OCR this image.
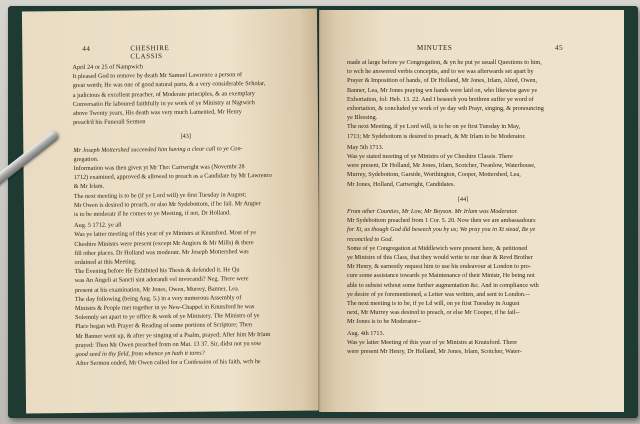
44	CHESHIRE CLASSIS

April 24 or 25 of Nampwich

It pleased God to remove by death Mr Samuel Lawrence a person of

great worth; He was one of good natural parts, & a very considerable Scholar,

a judicious & excellent preacher, of Moderate principles, & an exemplary

Conversatio He laboured faithfully in ye work of ye Ministry at Nigtwich

above Twenty years, His death was very much Lamented, Mr Henry

preach'd his Funerall Sermon

[43]

Mr Joseph Mottershed succeeded him having a clear call to ye Con-

gregation.

Information was then given yt Mr Tho: Cartwright was (Novembr 28

1712) examined, approved & allowed to preach as a Candidate by Mr Lawrence

& Mr Irlam.

The next meeting is to be (if ye Lord will) ye first Tuesday in August;

Mr Owen is desired to preach, or also Mr Sydebottom, if he fail. Mr Angier

is to be moderatr if he comes to ye Meeting, if not, Dr Holland.

Aug. 5 1712. ye all

Was ye latter meeting of this year of ye Ministrs at Knutsford. Most of ye

Cheshire Ministrs were present (except Mr Angiers & Mr Mills) & there

fill other places. Dr Holland was moderatr. Mr Joseph Mottershed was

ordained at this Meeting.

The Evening before He Exhibited his Thesis & defended it. He Qu

was An Angeli at Sancti sint adorandi vel invocandi? Neg. There were

present at his examination, Mr Jones, Owen, Murrey, Banner, Lea.

The day following (being Aug. 5.) in a very numerous Assembly of

Ministrs & People met together in ye New-Chappel in Knutsford he was

Solemnly set apart to ye office & work of ye Ministery. The Ministrs of ye

Place began wth Prayer & Reading of some portions of Scripture; Then

Mr Banner went up, & after ye singing of a Psalm, prayed; After him Mr Irlam

prayed: Then Mr Owen preached from on Mat. 13 37. Sir, didst not yu sow

good seed in thy field, from whence yn hath it tares?

After Sermon ended, Mr Owen called for a Confession of his faith, wch he

MINUTES	45

made at large before ye Congregation, & yn he put ye usuall Questions to him,

to wch he answered verbis conceptis, and to we was afterwards set apart by

Prayer & Imposition of hands, of Dr Holland, Mr Jones, Irlam, Alred, Owen,

Banner, Lea, Mr Jones praying wn hands were laid on, who likewise gave ye

Exhortation, fol: Heb. 13. 22. And I beseech you brethren suffer ye word of

exhortation, & concluded ye work of ye day wth Prayr, singing, & pronouncing

ye Blessing.

The next Meeting, if ye Lord will, is to be on ye first Tuesday in May,

1713; Mr Sydebottom is desired to preach, & Mr Irlam to be Moderator.

May 5th 1713.

Was ye stated meeting of ye Ministrs of ye Cheshire Classis. There

were present, Dr Holland, Mr Jones, Irlam, Scotcher, Twanlow, Waterhouse,

Murrey, Sydebottom, Garside, Worthington, Cooper, Mottershed, Lea,

Mr Jones, Holland, Cartwright, Candidates.

[44]

From other Counties, Mr Low, Mr Boyson. Mr Irlam was Moderator.

Mr Sydebottom preached from 1 Cor. 5. 20. Now then we are ambassadours

for Xt, as though God did beseech you by us; We pray you in Xt stead, Be ye

reconciled to God.

Some of ye Congregation at Middlewich were present here, & petitioned

ye Ministrs of this Class, that they would write to our dear & Revd Brother

Mr Henry, & earnestly request him to use his endeavour at London to pro-

cure some assistance towards ye Maintenance of their Ministr, He being not

able to subsist wthout some further augmentation &c. And in compliance wth

ye desire of ye forementioned, a Letter was written, and sent to London.--

The next meeting is to be, if ye Ld will, on ye first Tuesday in August

next, Mr Murrey was desired to preach, or else Mr Cooper, if he fail--

Mr Jones is to be Moderator--

Aug. 4th 1713.

Was ye latter Meeting of this year of ye Ministrs at Knutsford. There

were present Mr Henry, Dr Holland, Mr Jones, Irlam, Scotcher, Water-
